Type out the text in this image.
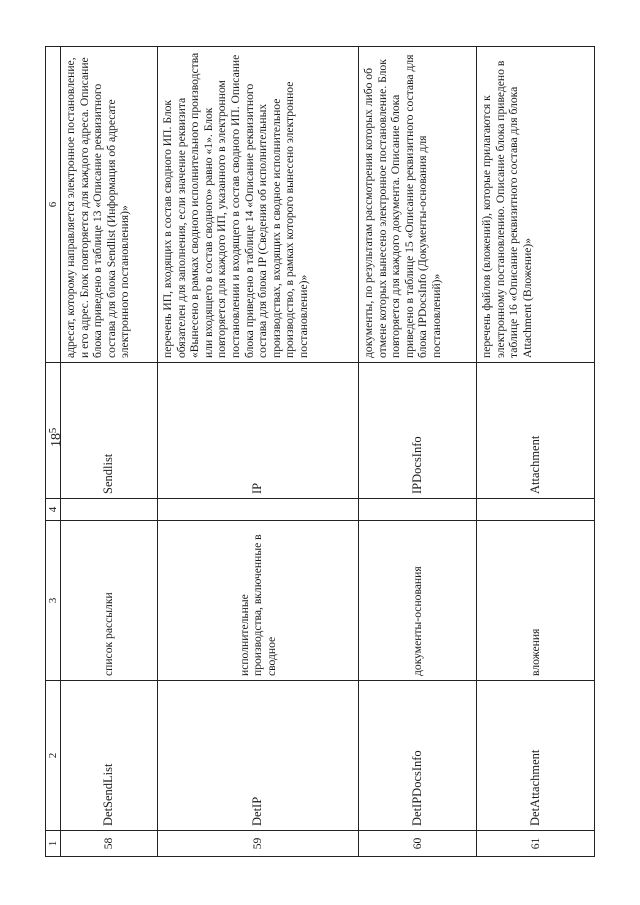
18
1	2	3	4	5	6
58	DetSendList	список рассылки		Sendlist	адресат, которому направляется электронное постановление, и его адрес. Блок повторяется для каждого адреса. Описание блока приведено в таблице 13 «Описание реквизитного состава для блока Sendlist (Информация об адресате электронного постановления)»
59	DetIP	исполнительные производства, включенные в сводное		IP	перечень ИП, входящих в состав сводного ИП. Блок обязателен для заполнения, если значение реквизита «Вынесено в рамках сводного исполнительного производства или входящего в состав сводного» равно «1». Блок повторяется для каждого ИП, указанного в электронном постановлении и входящего в состав сводного ИП. Описание блока приведено в таблице 14 «Описание реквизитного состава для блока IP (Сведения об исполнительных производствах, входящих в сводное исполнительное производство, в рамках которого вынесено электронное постановление)»
60	DetIPDocsInfo	документы-основания		IPDocsInfo	документы, по результатам рассмотрения которых либо об отмене которых вынесено электронное постановление. Блок повторяется для каждого документа. Описание блока приведено в таблице 15 «Описание реквизитного состава для блока IPDocsInfo (Документы-основания для постановлений)»
61	DetAttachment	вложения		Attachment	перечень файлов (вложений), которые прилагаются к электронному постановлению. Описание блока приведено в таблице 16 «Описание реквизитного состава для блока Attachment (Вложение)»
